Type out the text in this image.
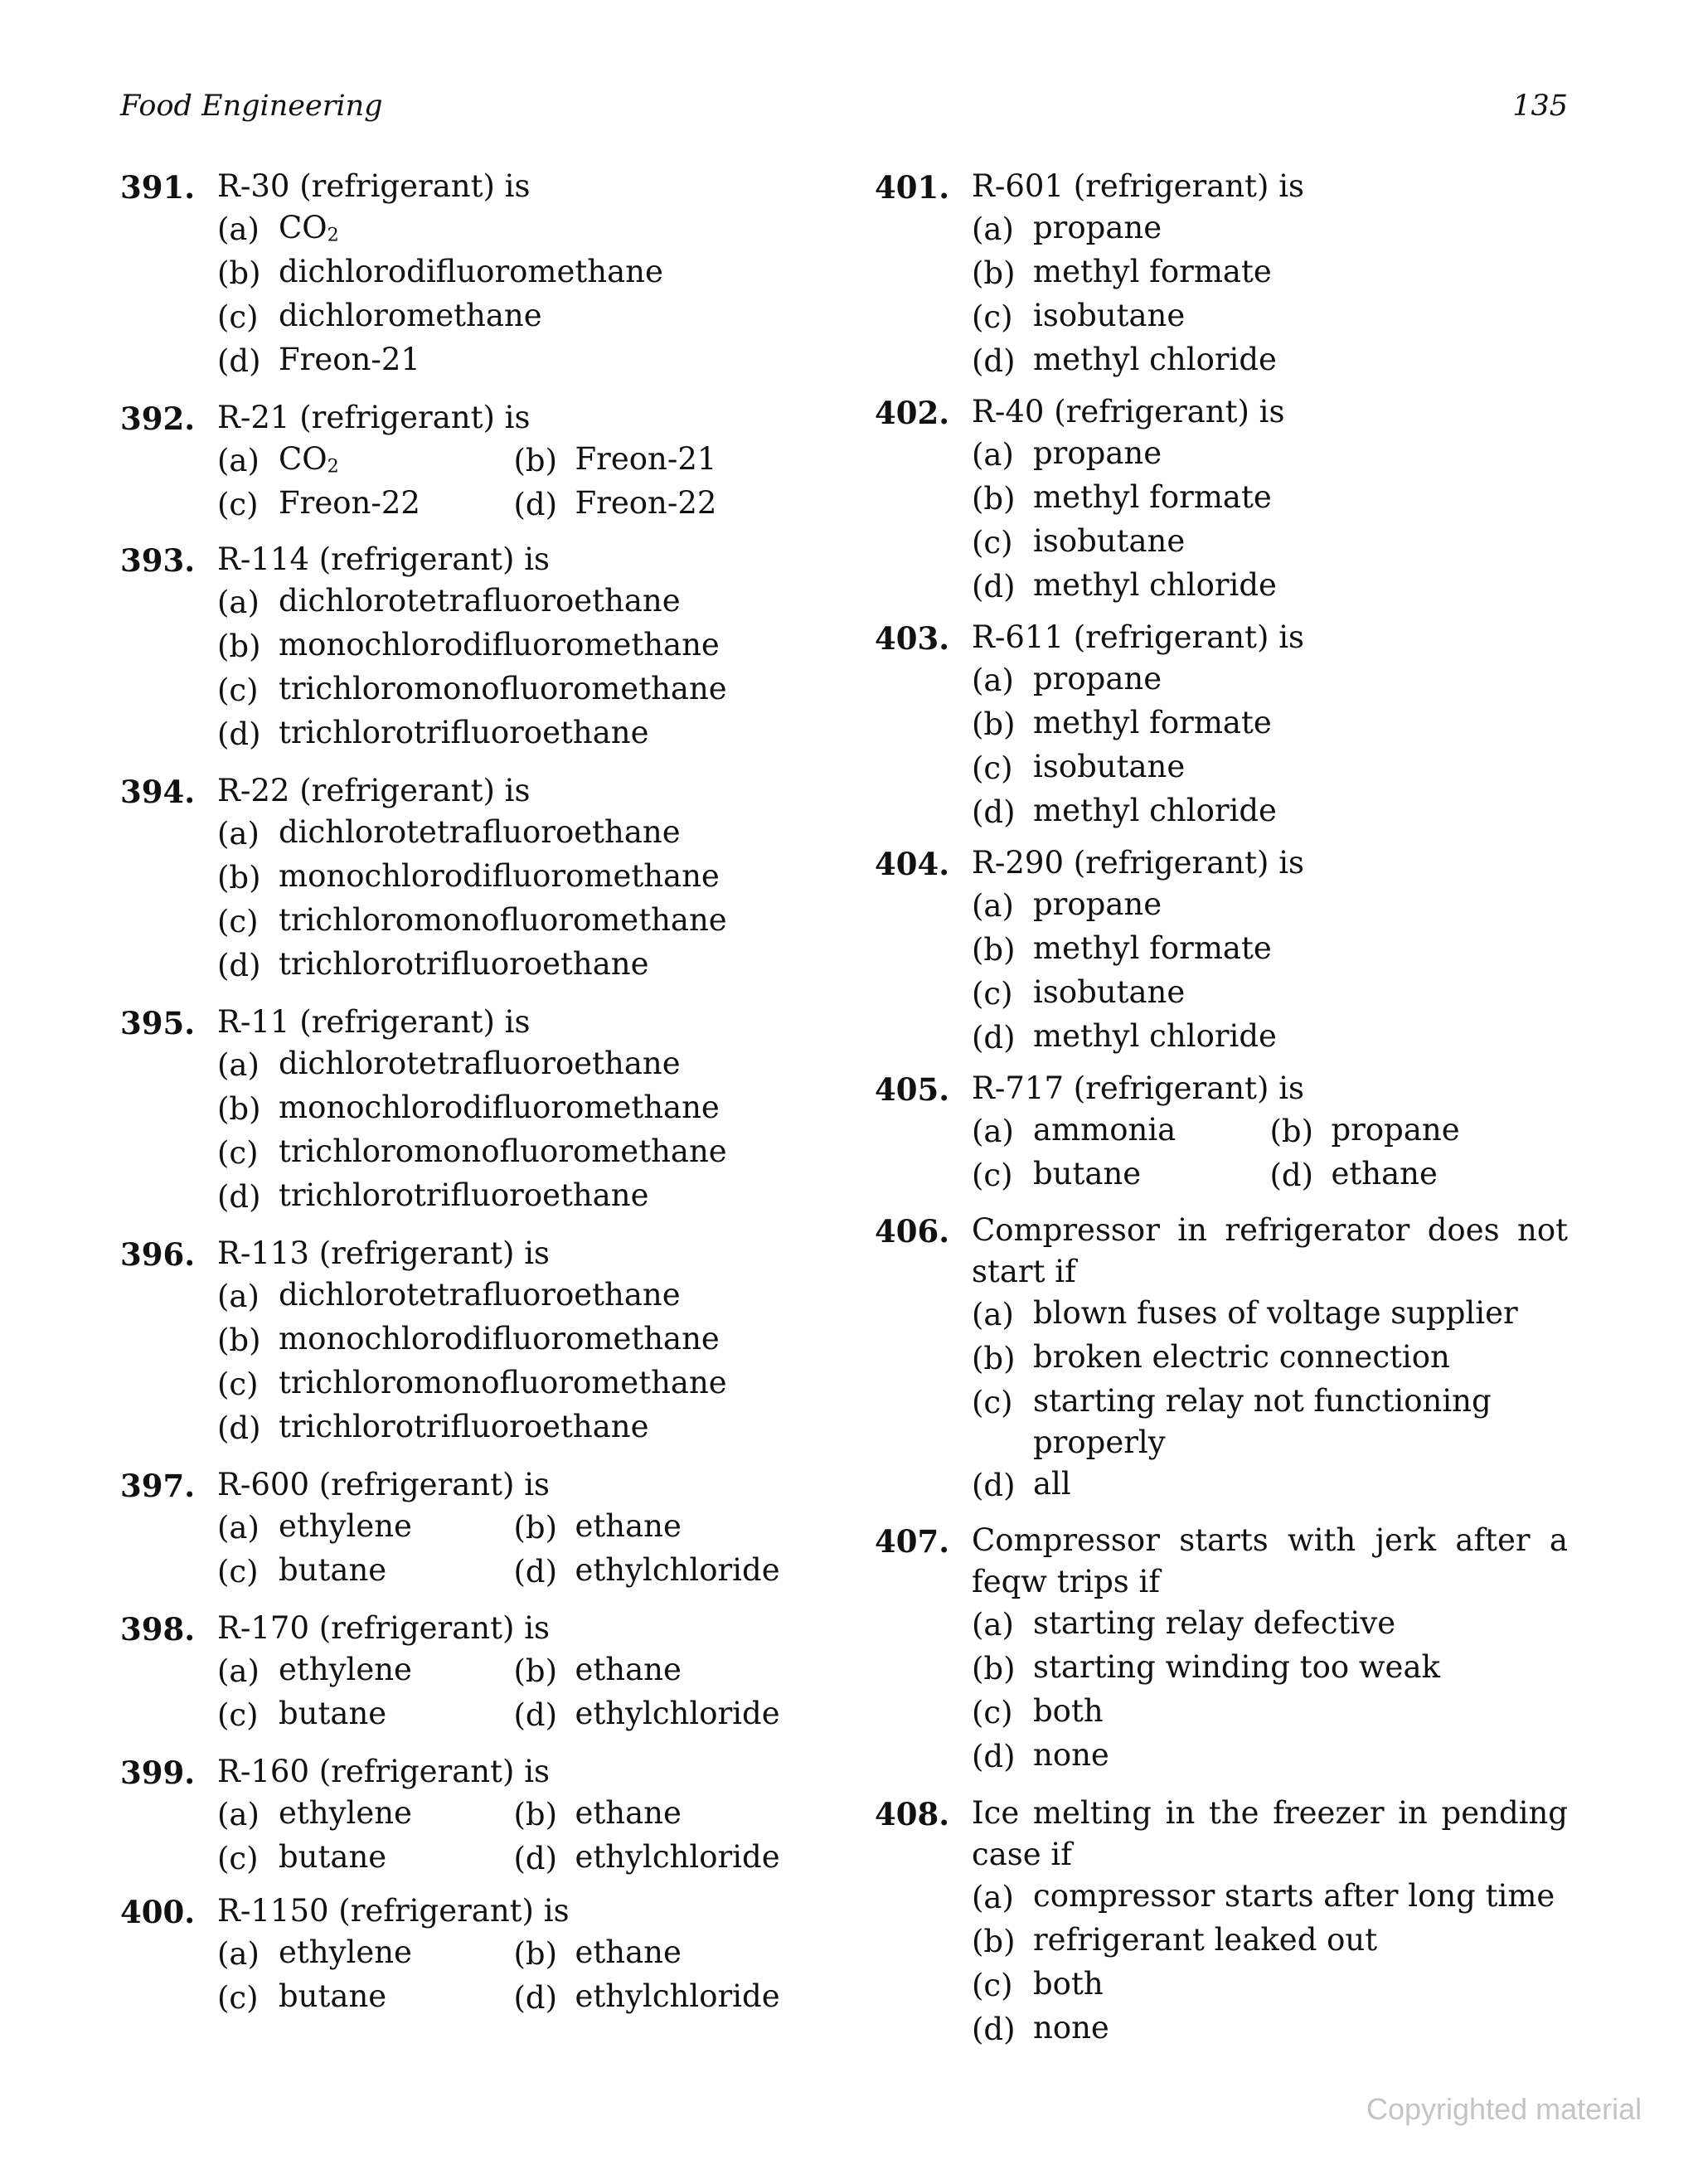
Food Engineering	135
391. R-30 (refrigerant) is
(a) $CO_2$
(b) dichlorodifluoromethane
(c) dichloromethane
(d) Freon-21
392. R-21 (refrigerant) is
(a) $CO_2$	(b) Freon-21
(c) Freon-22	(d) Freon-22
393. R-114 (refrigerant) is
(a) dichlorotetrafluoroethane
(b) monochlorodifluoromethane
(c) trichloromonofluoromethane
(d) trichlorotrifluoroethane
394. R-22 (refrigerant) is
(a) dichlorotetrafluoroethane
(b) monochlorodifluoromethane
(c) trichloromonofluoromethane
(d) trichlorotrifluoroethane
395. R-11 (refrigerant) is
(a) dichlorotetrafluoroethane
(b) monochlorodifluoromethane
(c) trichloromonofluoromethane
(d) trichlorotrifluoroethane
396. R-113 (refrigerant) is
(a) dichlorotetrafluoroethane
(b) monochlorodifluoromethane
(c) trichloromonofluoromethane
(d) trichlorotrifluoroethane
397. R-600 (refrigerant) is
(a) ethylene	(b) ethane
(c) butane	(d) ethylchloride
398. R-170 (refrigerant) is
(a) ethylene	(b) ethane
(c) butane	(d) ethylchloride
399. R-160 (refrigerant) is
(a) ethylene	(b) ethane
(c) butane	(d) ethylchloride
400. R-1150 (refrigerant) is
(a) ethylene	(b) ethane
(c) butane	(d) ethylchloride
401. R-601 (refrigerant) is
(a) propane
(b) methyl formate
(c) isobutane
(d) methyl chloride
402. R-40 (refrigerant) is
(a) propane
(b) methyl formate
(c) isobutane
(d) methyl chloride
403. R-611 (refrigerant) is
(a) propane
(b) methyl formate
(c) isobutane
(d) methyl chloride
404. R-290 (refrigerant) is
(a) propane
(b) methyl formate
(c) isobutane
(d) methyl chloride
405. R-717 (refrigerant) is
(a) ammonia	(b) propane
(c) butane	(d) ethane
406. Compressor in refrigerator does not start if
(a) blown fuses of voltage supplier
(b) broken electric connection
(c) starting relay not functioning properly
(d) all
407. Compressor starts with jerk after a feqw trips if
(a) starting relay defective
(b) starting winding too weak
(c) both
(d) none
408. Ice melting in the freezer in pending case if
(a) compressor starts after long time
(b) refrigerant leaked out
(c) both
(d) none
Copyrighted material
